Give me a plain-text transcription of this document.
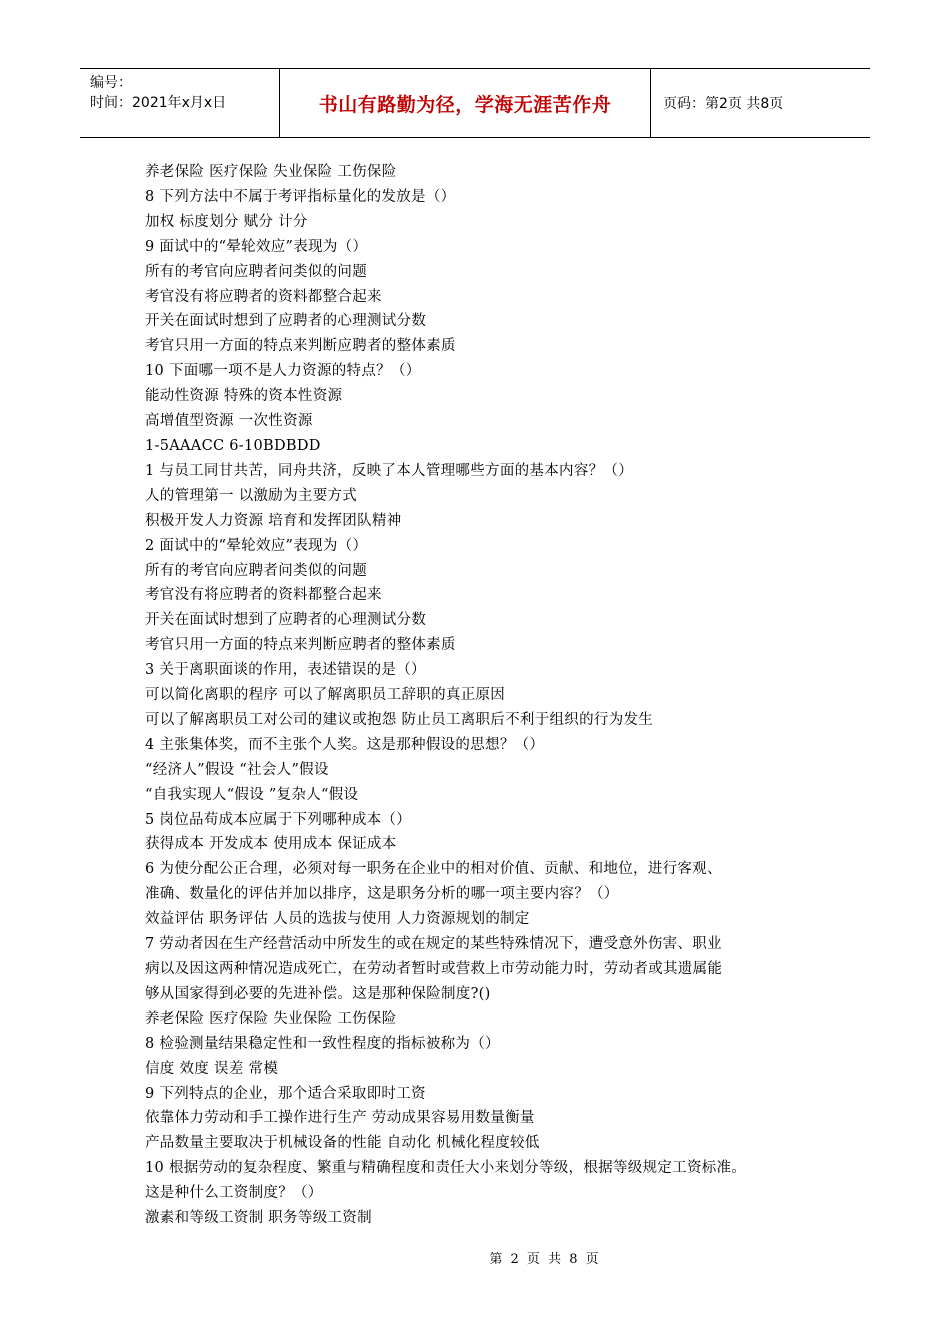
编号：
时间：2021年x月x日	书山有路勤为径，学海无涯苦作舟	页码：第2页 共8页
养老保险 医疗保险 失业保险 工伤保险
8 下列方法中不属于考评指标量化的发放是（）
加权 标度划分 赋分 计分
9 面试中的“晕轮效应”表现为（）
所有的考官向应聘者问类似的问题
考官没有将应聘者的资料都整合起来
开关在面试时想到了应聘者的心理测试分数
考官只用一方面的特点来判断应聘者的整体素质
10 下面哪一项不是人力资源的特点？（）
能动性资源 特殊的资本性资源
高增值型资源 一次性资源
1-5AAACC 6-10BDBDD
1 与员工同甘共苦，同舟共济，反映了本人管理哪些方面的基本内容？（）
人的管理第一 以激励为主要方式
积极开发人力资源 培育和发挥团队精神
2 面试中的“晕轮效应”表现为（）
所有的考官向应聘者问类似的问题
考官没有将应聘者的资料都整合起来
开关在面试时想到了应聘者的心理测试分数
考官只用一方面的特点来判断应聘者的整体素质
3 关于离职面谈的作用，表述错误的是（）
可以简化离职的程序 可以了解离职员工辞职的真正原因
可以了解离职员工对公司的建议或抱怨 防止员工离职后不利于组织的行为发生
4 主张集体奖，而不主张个人奖。这是那种假设的思想？（）
“经济人”假设 “社会人”假设
“自我实现人“假设 ”复杂人“假设
5 岗位品苟成本应属于下列哪种成本（）
获得成本 开发成本 使用成本 保证成本
6 为使分配公正合理，必须对每一职务在企业中的相对价值、贡献、和地位，进行客观、
准确、数量化的评估并加以排序，这是职务分析的哪一项主要内容？（）
效益评估 职务评估 人员的选拔与使用 人力资源规划的制定
7 劳动者因在生产经营活动中所发生的或在规定的某些特殊情况下，遭受意外伤害、职业
病以及因这两种情况造成死亡，在劳动者暂时或营救上市劳动能力时，劳动者或其遗属能
够从国家得到必要的先进补偿。这是那种保险制度?()
养老保险 医疗保险 失业保险 工伤保险
8 检验测量结果稳定性和一致性程度的指标被称为（）
信度 效度 误差 常模
9 下列特点的企业，那个适合采取即时工资
依靠体力劳动和手工操作进行生产 劳动成果容易用数量衡量
产品数量主要取决于机械设备的性能 自动化 机械化程度较低
10 根据劳动的复杂程度、繁重与精确程度和责任大小来划分等级，根据等级规定工资标准。
这是种什么工资制度？（）
激素和等级工资制 职务等级工资制
第 2 页 共 8 页
